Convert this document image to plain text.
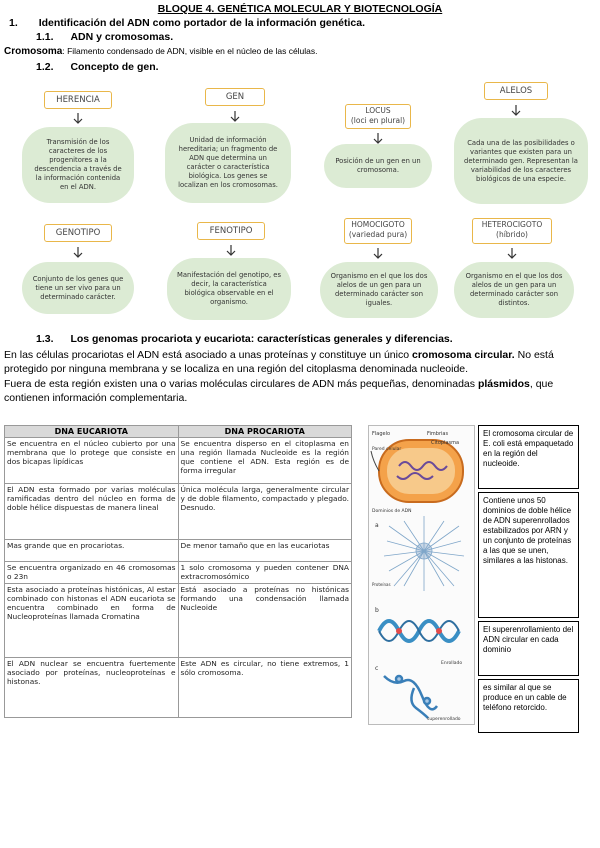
BLOQUE 4. GENÉTICA MOLECULAR Y BIOTECNOLOGÍA
1. Identificación del ADN como portador de la información genética.
1.1. ADN y cromosomas.
Cromosoma: Filamento condensado de ADN, visible en el núcleo de las células.
1.2. Concepto de gen.
HERENCIA
Transmisión de los caracteres de los progenitores a la descendencia a través de la información contenida en el ADN.
GEN
Unidad de información hereditaria; un fragmento de ADN que determina un carácter o característica biológica. Los genes se localizan en los cromosomas.
LOCUS
(loci en plural)
Posición de un gen en un cromosoma.
ALELOS
Cada una de las posibilidades o variantes que existen para un determinado gen. Representan la variabilidad de los caracteres biológicos de una especie.
GENOTIPO
Conjunto de los genes que tiene un ser vivo para un determinado carácter.
FENOTIPO
Manifestación del genotipo, es decir, la característica biológica observable en el organismo.
HOMOCIGOTO
(variedad pura)
Organismo en el que los dos alelos de un gen para un determinado carácter son iguales.
HETEROCIGOTO
(híbrido)
Organismo en el que los dos alelos de un gen para un determinado carácter son distintos.
1.3. Los genomas procariota y eucariota: características generales y diferencias.
En las células procariotas el ADN está asociado a unas proteínas y constituye un único cromosoma circular. No está protegido por ninguna membrana y se localiza en una región del citoplasma denominada nucleoide.
Fuera de esta región existen una o varias moléculas circulares de ADN más pequeñas, denominadas plásmidos, que contienen información complementaria.
DNA EUCARIOTA	DNA PROCARIOTA
Se encuentra en el núcleo cubierto por una membrana que lo protege que consiste en dos bicapas lipídicas	Se encuentra disperso en el citoplasma en una región llamada Nucleoide es la región que contiene el ADN. Esta región es de forma irregular
El ADN esta formado por varias moléculas ramificadas dentro del núcleo en forma de doble hélice dispuestas de manera lineal	Única molécula larga, generalmente circular y de doble filamento, compactado y plegado. Desnudo.
Mas grande que en procariotas.	De menor tamaño que en las eucariotas
Se encuentra organizado en 46 cromosomas o 23n	1 solo cromosoma y pueden contener DNA extracromosómico
Esta asociado a proteínas histónicas, Al estar combinado con histonas el ADN eucariota se encuentra combinado en forma de Nucleoproteínas llamada Cromatina	Está asociado a proteínas no histónicas formando una condensación llamada Nucleoide
El ADN nuclear se encuentra fuertemente asociado por proteínas, nucleoproteínas e histonas.	Este ADN es circular, no tiene extremos, 1 sólo cromosoma.
Flagelo
Pared celular
Fimbrias
Citoplasma
Dominios de ADN
a
Proteínas
b
c
Enrollado
superenrollado
El cromosoma circular de E. coli está empaquetado en la región del nucleoide.
Contiene unos 50 dominios de doble hélice de ADN superenrollados estabilizados por ARN y un conjunto de proteínas a las que se unen, similares a las histonas.
El superenrollamiento del ADN circular en cada dominio
es similar al que se produce en un cable de teléfono retorcido.
